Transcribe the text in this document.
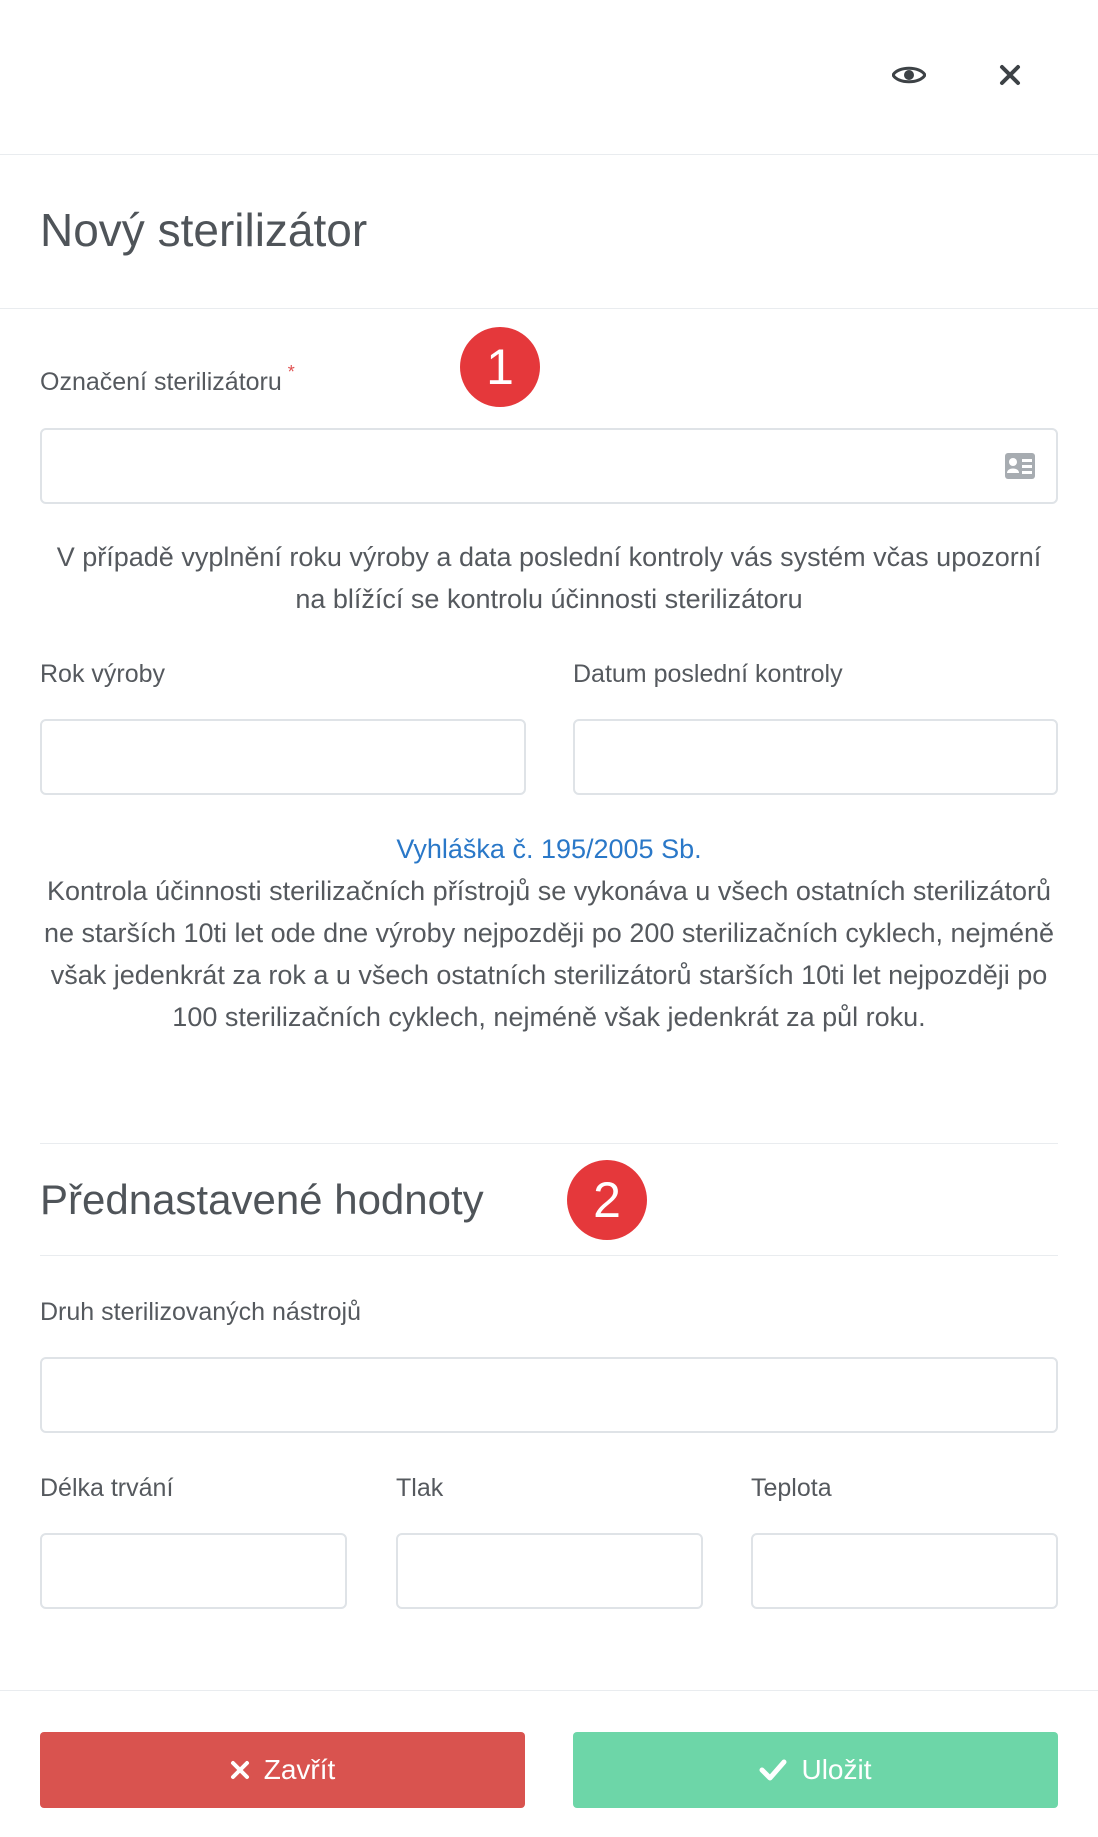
Nový sterilizátor
1
Označení sterilizátoru *
V případě vyplnění roku výroby a data poslední kontroly vás systém včas upozorní na blížící se kontrolu účinnosti sterilizátoru
Rok výroby	Datum poslední kontroly
Vyhláška č. 195/2005 Sb.
Kontrola účinnosti sterilizačních přístrojů se vykonáva u všech ostatních sterilizátorů ne starších 10ti let ode dne výroby nejpozději po 200 sterilizačních cyklech, nejméně však jedenkrát za rok a u všech ostatních sterilizátorů starších 10ti let nejpozději po 100 sterilizačních cyklech, nejméně však jedenkrát za půl roku.
Přednastavené hodnoty	2
Druh sterilizovaných nástrojů
Délka trvání	Tlak	Teplota
Zavřít	Uložit
